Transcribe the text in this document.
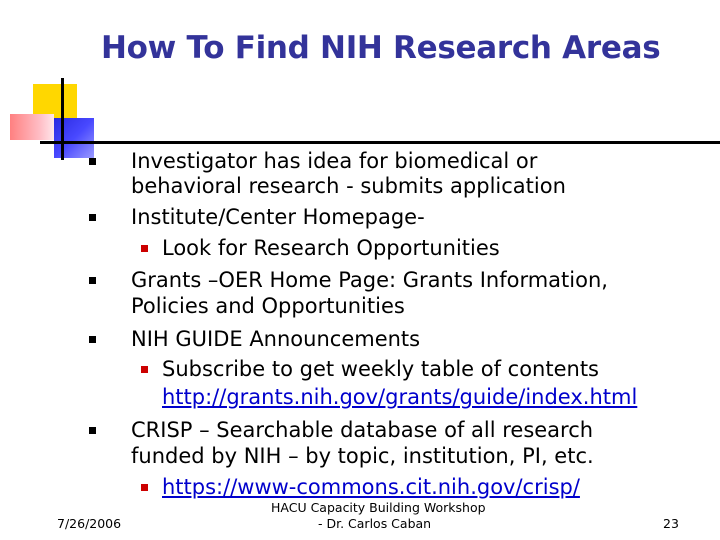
How To Find NIH Research Areas
Investigator has idea for biomedical or
behavioral research - submits application
Institute/Center Homepage-
Look for Research Opportunities
Grants –OER Home Page: Grants Information,
Policies and Opportunities
NIH GUIDE Announcements
Subscribe to get weekly table of contents
http://grants.nih.gov/grants/guide/index.html
CRISP – Searchable database of all research
funded by NIH – by topic, institution, PI, etc.
https://www-commons.cit.nih.gov/crisp/
7/26/2006
HACU Capacity Building Workshop
- Dr. Carlos Caban	23
